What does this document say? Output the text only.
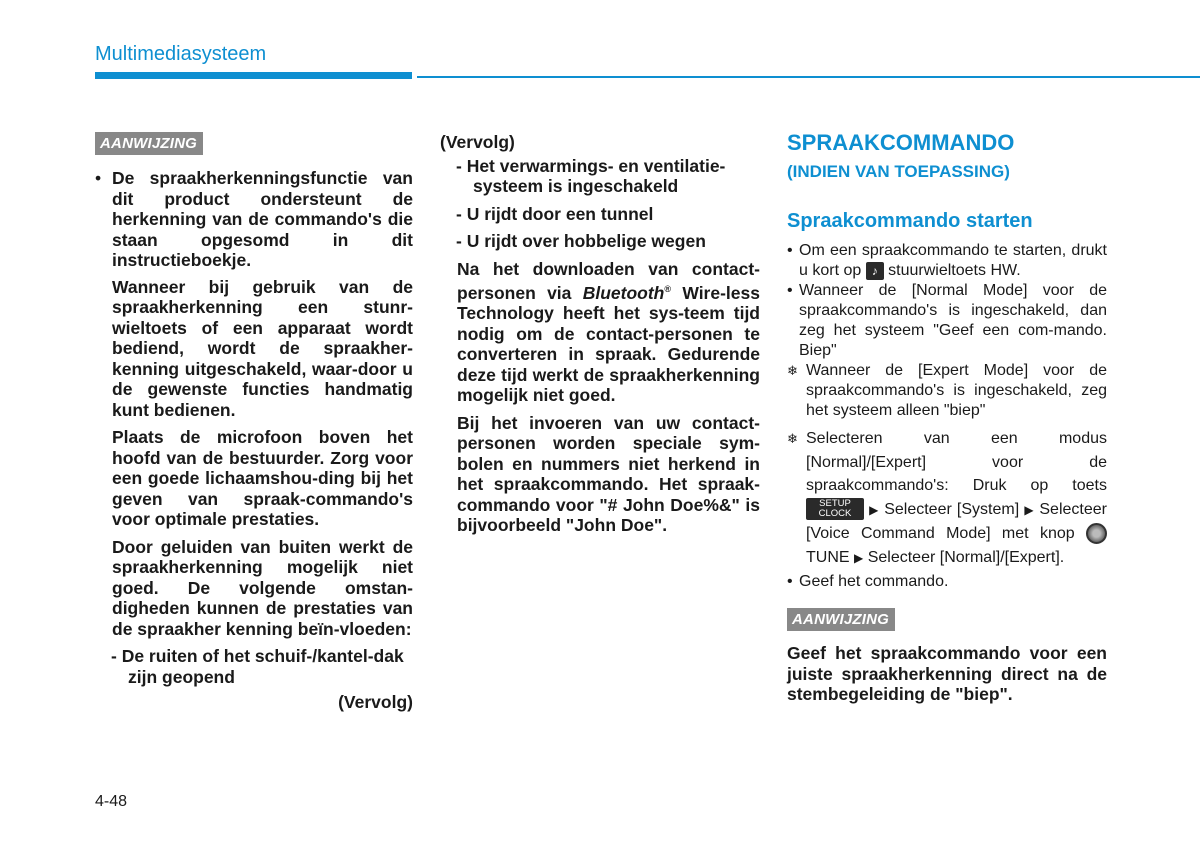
Multimediasysteem
AANWIJZING
• De spraakherkenningsfunctie van dit product ondersteunt de herkenning van de commando's die staan opgesomd in dit instructieboekje.
Wanneer bij gebruik van de spraakherkenning een stunr-wieltoets of een apparaat wordt bediend, wordt de spraakher-kenning uitgeschakeld, waar-door u de gewenste functies handmatig kunt bedienen.
Plaats de microfoon boven het hoofd van de bestuurder. Zorg voor een goede lichaamshou-ding bij het geven van spraak-commando's voor optimale prestaties.
Door geluiden van buiten werkt de spraakherkenning mogelijk niet goed. De volgende omstan-digheden kunnen de prestaties van de spraakher kenning beïn-vloeden:
- De ruiten of het schuif-/kantel-dak zijn geopend
(Vervolg)
(Vervolg)
- Het verwarmings- en ventilatie-systeem is ingeschakeld
- U rijdt door een tunnel
- U rijdt over hobbelige wegen
Na het downloaden van contact-personen via Bluetooth® Wire-less Technology heeft het sys-teem tijd nodig om de contact-personen te converteren in spraak. Gedurende deze tijd werkt de spraakherkenning mogelijk niet goed.
Bij het invoeren van uw contact-personen worden speciale sym-bolen en nummers niet herkend in het spraakcommando. Het spraak-commando voor "# John Doe%&" is bijvoorbeeld "John Doe".
SPRAAKCOMMANDO
(INDIEN VAN TOEPASSING)
Spraakcommando starten
• Om een spraakcommando te starten, drukt u kort op ♪ stuurwieltoets HW.
• Wanneer de [Normal Mode] voor de spraakcommando's is ingeschakeld, dan zeg het systeem "Geef een com-mando. Biep"
❄ Wanneer de [Expert Mode] voor de spraakcommando's is ingeschakeld, zeg het systeem alleen "biep"
❄ Selecteren van een modus [Normal]/[Expert] voor de spraakcommando's: Druk op toets SETUP
CLOCK ▶ Selecteer [System] ▶ Selecteer [Voice Command Mode] met knop  TUNE ▶ Selecteer [Normal]/[Expert].
• Geef het commando.
AANWIJZING
Geef het spraakcommando voor een juiste spraakherkenning direct na de stembegeleiding de "biep".
4-48
